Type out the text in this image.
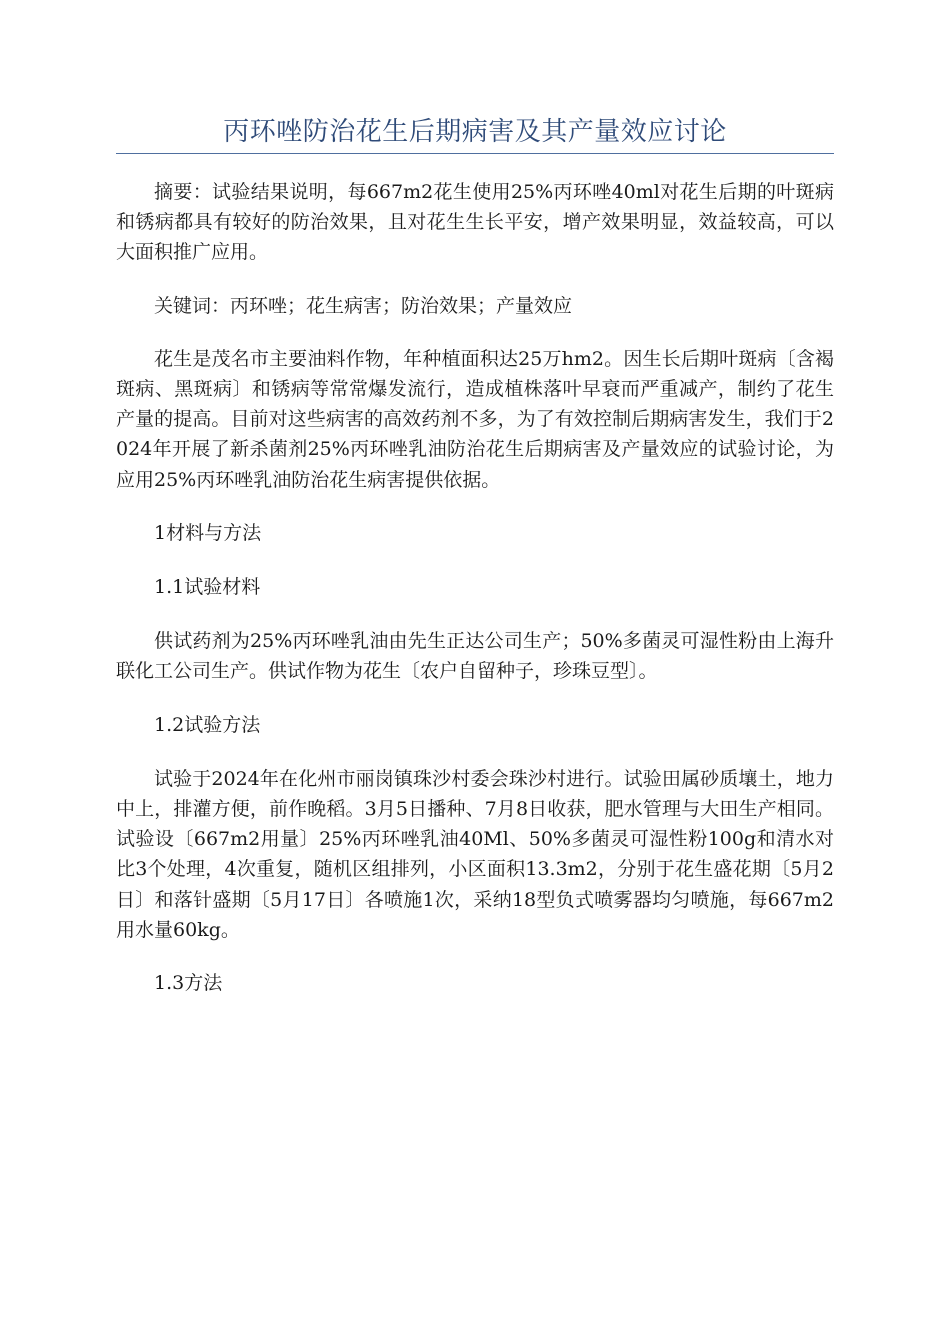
丙环唑防治花生后期病害及其产量效应讨论

摘要：试验结果说明，每667m2花生使用25%丙环唑40ml对花生后期的叶斑病和锈病都具有较好的防治效果，且对花生生长平安，增产效果明显，效益较高，可以大面积推广应用。

关键词：丙环唑；花生病害；防治效果；产量效应

花生是茂名市主要油料作物，年种植面积达25万hm2。因生长后期叶斑病〔含褐斑病、黑斑病〕和锈病等常常爆发流行，造成植株落叶早衰而严重减产，制约了花生产量的提高。目前对这些病害的高效药剂不多，为了有效控制后期病害发生，我们于2024年开展了新杀菌剂25%丙环唑乳油防治花生后期病害及产量效应的试验讨论，为应用25%丙环唑乳油防治花生病害提供依据。

1材料与方法

1.1试验材料

供试药剂为25%丙环唑乳油由先生正达公司生产；50%多菌灵可湿性粉由上海升联化工公司生产。供试作物为花生〔农户自留种子，珍珠豆型〕。

1.2试验方法

试验于2024年在化州市丽岗镇珠沙村委会珠沙村进行。试验田属砂质壤土，地力中上，排灌方便，前作晚稻。3月5日播种、7月8日收获，肥水管理与大田生产相同。试验设〔667m2用量〕25%丙环唑乳油40Ml、50%多菌灵可湿性粉100g和清水对比3个处理，4次重复，随机区组排列，小区面积13.3m2，分别于花生盛花期〔5月2日〕和落针盛期〔5月17日〕各喷施1次，采纳18型负式喷雾器均匀喷施，每667m2用水量60kg。

1.3方法
